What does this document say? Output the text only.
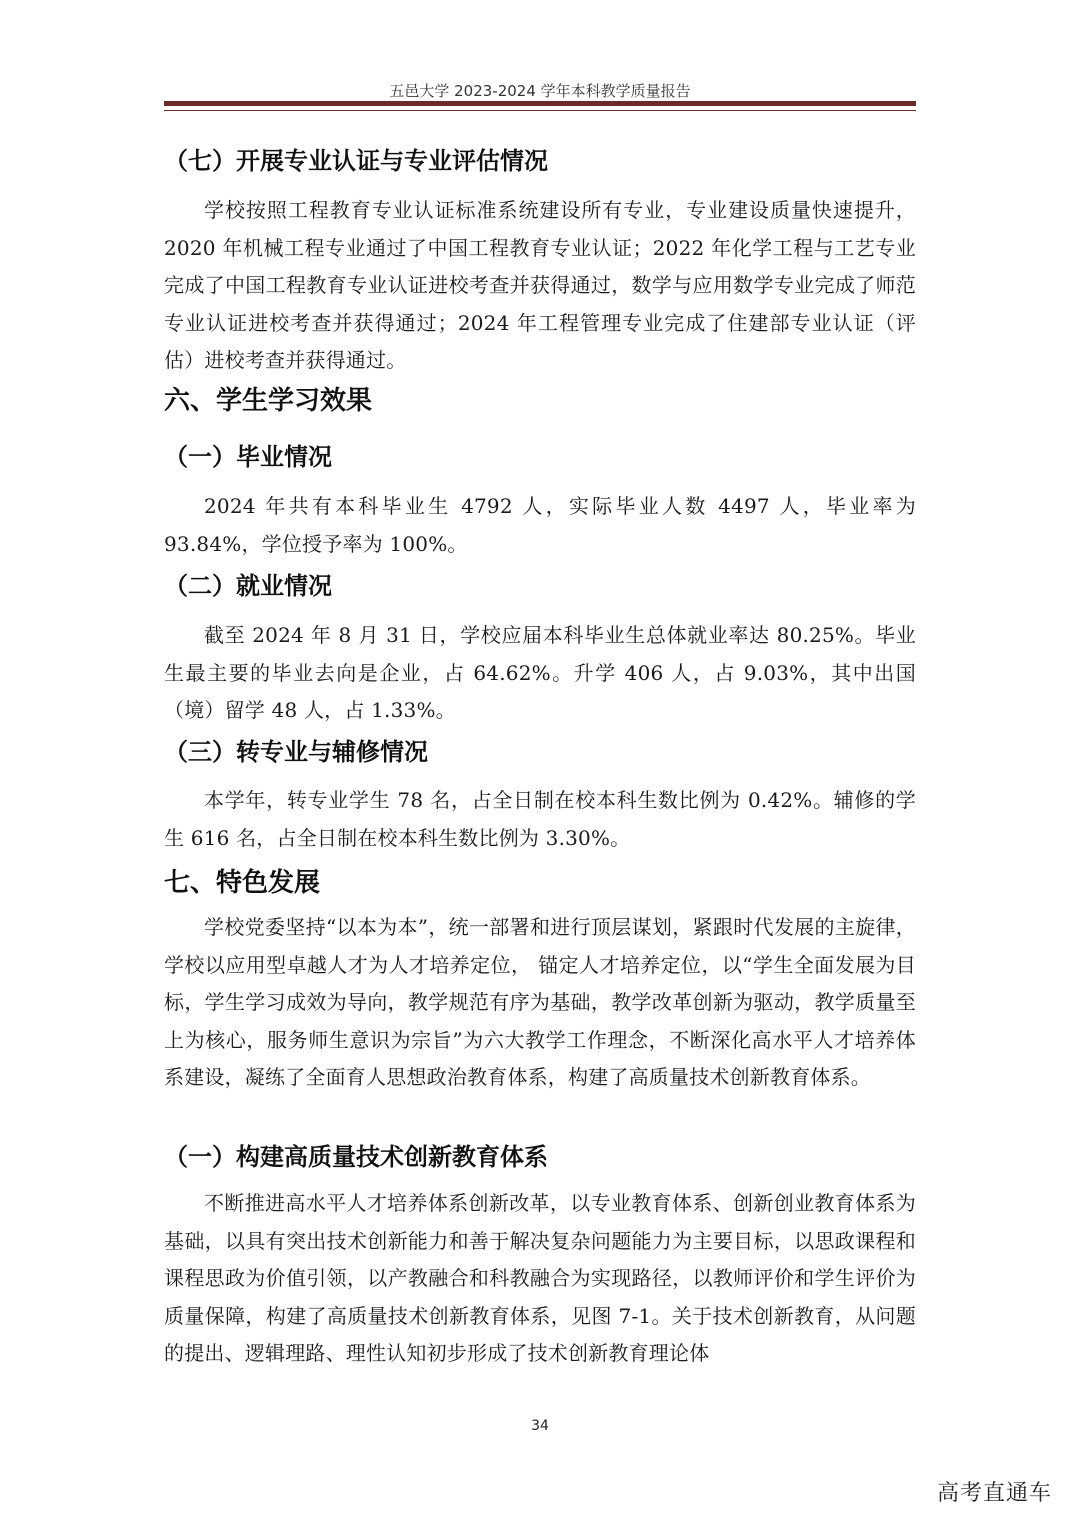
五邑大学 2023-2024 学年本科教学质量报告
（七）开展专业认证与专业评估情况
学校按照工程教育专业认证标准系统建设所有专业，专业建设质量快速提升，2020 年机械工程专业通过了中国工程教育专业认证；2022 年化学工程与工艺专业完成了中国工程教育专业认证进校考查并获得通过，数学与应用数学专业完成了师范专业认证进校考查并获得通过；2024 年工程管理专业完成了住建部专业认证（评估）进校考查并获得通过。
六、学生学习效果
（一）毕业情况
2024 年共有本科毕业生 4792 人，实际毕业人数 4497 人，毕业率为 93.84%，学位授予率为 100%。
（二）就业情况
截至 2024 年 8 月 31 日，学校应届本科毕业生总体就业率达 80.25%。毕业生最主要的毕业去向是企业，占 64.62%。升学 406 人，占 9.03%，其中出国（境）留学 48 人，占 1.33%。
（三）转专业与辅修情况
本学年，转专业学生 78 名，占全日制在校本科生数比例为 0.42%。辅修的学生 616 名，占全日制在校本科生数比例为 3.30%。
七、特色发展
学校党委坚持“以本为本”，统一部署和进行顶层谋划，紧跟时代发展的主旋律，学校以应用型卓越人才为人才培养定位， 锚定人才培养定位，以“学生全面发展为目标，学生学习成效为导向，教学规范有序为基础，教学改革创新为驱动，教学质量至上为核心，服务师生意识为宗旨”为六大教学工作理念，不断深化高水平人才培养体系建设，凝练了全面育人思想政治教育体系，构建了高质量技术创新教育体系。
（一）构建高质量技术创新教育体系
不断推进高水平人才培养体系创新改革，以专业教育体系、创新创业教育体系为基础，以具有突出技术创新能力和善于解决复杂问题能力为主要目标，以思政课程和课程思政为价值引领，以产教融合和科教融合为实现路径，以教师评价和学生评价为质量保障，构建了高质量技术创新教育体系，见图 7-1。关于技术创新教育，从问题的提出、逻辑理路、理性认知初步形成了技术创新教育理论体
34
高考直通车
